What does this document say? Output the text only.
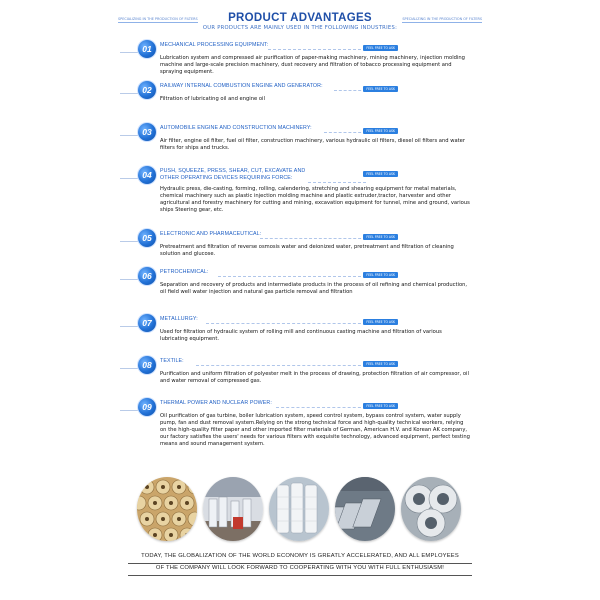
SPECIALIZING IN THE PRODUCTION OF FILTERS	PRODUCT ADVANTAGES	SPECIALIZING IN THE PRODUCTION OF FILTERS
OUR PRODUCTS ARE MAINLY USED IN THE FOLLOWING INDUSTRIES:
01	MECHANICAL PROCESSING EQUIPMENT:	FEEL FREE TO ASK
Lubrication system and compressed air purification of paper-making machinery, mining machinery, injection molding machine and large-scale precision machinery, dust recovery and filtration of tobacco processing equipment and spraying equipment.
02	RAILWAY INTERNAL COMBUSTION ENGINE AND GENERATOR:	FEEL FREE TO ASK
Filtration of lubricating oil and engine oil
03	AUTOMOBILE ENGINE AND CONSTRUCTION MACHINERY:	FEEL FREE TO ASK
Air filter, engine oil filter, fuel oil filter, construction machinery, various hydraulic oil filters, diesel oil filters and water filters for ships and trucks.
04	PUSH, SQUEEZE, PRESS, SHEAR, CUT, EXCAVATE AND
OTHER OPERATING DEVICES REQUIRING FORCE:
FEEL FREE TO ASK
Hydraulic press, die-casting, forming, rolling, calendering, stretching and shearing equipment for metal materials, chemical machinery such as plastic injection molding machine and plastic extruder,tractor, harvester and other agricultural and forestry machinery for cutting and mining, excavation equipment for tunnel, mine and ground, various ships Steering gear, etc.
05	ELECTRONIC AND PHARMACEUTICAL:	FEEL FREE TO ASK
Pretreatment and filtration of reverse osmosis water and deionized water, pretreatment and filtration of cleaning solution and glucose.
06	PETROCHEMICAL:	FEEL FREE TO ASK
Separation and recovery of products and intermediate products in the process of oil refining and chemical production, oil field well water injection and natural gas particle removal and filtration
07	METALLURGY:	FEEL FREE TO ASK
Used for filtration of hydraulic system of rolling mill and continuous casting machine and filtration of various lubricating equipment.
08	TEXTILE:	FEEL FREE TO ASK
Purification and uniform filtration of polyester melt in the process of drawing, protection filtration of air compressor, oil and water removal of compressed gas.
09	THERMAL POWER AND NUCLEAR POWER:	FEEL FREE TO ASK
Oil purification of gas turbine, boiler lubrication system, speed control system, bypass control system, water supply pump, fan and dust removal system.Relying on the strong technical force and high-quality technical workers, relying on the high-quality filter paper and other imported filter materials of German, American H.V. and Korean AK company, our factory satisfies the users' needs for various filters with exquisite technology, advanced equipment, perfect testing means and sound management system.
TODAY, THE GLOBALIZATION OF THE WORLD ECONOMY IS GREATLY ACCELERATED, AND ALL EMPLOYEES
OF THE COMPANY WILL LOOK FORWARD TO COOPERATING WITH YOU WITH FULL ENTHUSIASM!
